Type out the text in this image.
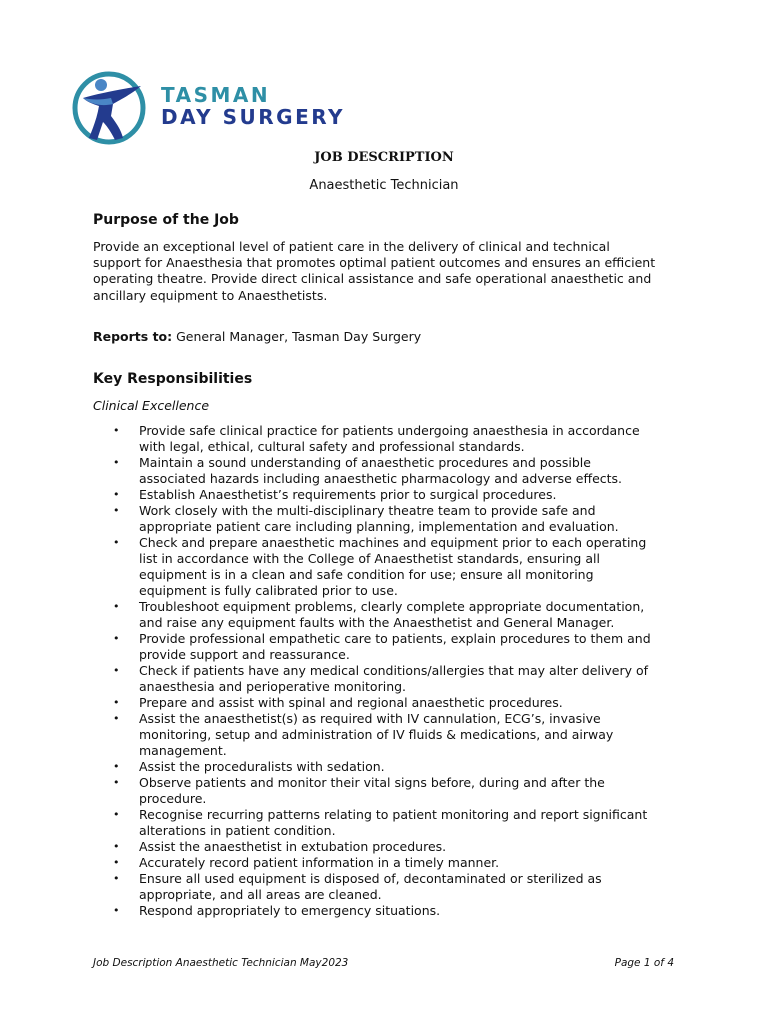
TASMAN
DAY SURGERY
JOB DESCRIPTION
Anaesthetic Technician
Purpose of the Job
Provide an exceptional level of patient care in the delivery of clinical and technical
support for Anaesthesia that promotes optimal patient outcomes and ensures an efficient
operating theatre. Provide direct clinical assistance and safe operational anaesthetic and
ancillary equipment to Anaesthetists.
Reports to: General Manager, Tasman Day Surgery
Key Responsibilities
Clinical Excellence
• Provide safe clinical practice for patients undergoing anaesthesia in accordance
with legal, ethical, cultural safety and professional standards.
• Maintain a sound understanding of anaesthetic procedures and possible
associated hazards including anaesthetic pharmacology and adverse effects.
• Establish Anaesthetist’s requirements prior to surgical procedures.
• Work closely with the multi-disciplinary theatre team to provide safe and
appropriate patient care including planning, implementation and evaluation.
• Check and prepare anaesthetic machines and equipment prior to each operating
list in accordance with the College of Anaesthetist standards, ensuring all
equipment is in a clean and safe condition for use; ensure all monitoring
equipment is fully calibrated prior to use.
• Troubleshoot equipment problems, clearly complete appropriate documentation,
and raise any equipment faults with the Anaesthetist and General Manager.
• Provide professional empathetic care to patients, explain procedures to them and
provide support and reassurance.
• Check if patients have any medical conditions/allergies that may alter delivery of
anaesthesia and perioperative monitoring.
• Prepare and assist with spinal and regional anaesthetic procedures.
• Assist the anaesthetist(s) as required with IV cannulation, ECG’s, invasive
monitoring, setup and administration of IV fluids & medications, and airway
management.
• Assist the proceduralists with sedation.
• Observe patients and monitor their vital signs before, during and after the
procedure.
• Recognise recurring patterns relating to patient monitoring and report significant
alterations in patient condition.
• Assist the anaesthetist in extubation procedures.
• Accurately record patient information in a timely manner.
• Ensure all used equipment is disposed of, decontaminated or sterilized as
appropriate, and all areas are cleaned.
• Respond appropriately to emergency situations.
Job Description Anaesthetic Technician May2023	Page 1 of 4
